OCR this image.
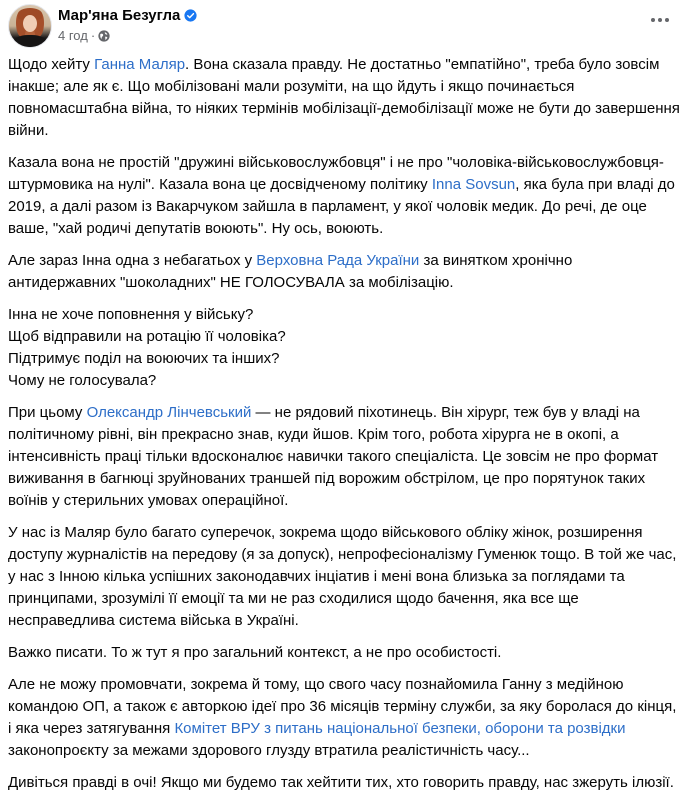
Мар'яна Безугла
4 год ·

Щодо хейту Ганна Маляр. Вона сказала правду. Не достатньо "емпатійно", треба було зовсім інакше; але як є. Що мобілізовані мали розуміти, на що йдуть і якщо починається повномасштабна війна, то ніяких термінів мобілізації-демобілізації може не бути до завершення війни.

Казала вона не простій "дружині військовослужбовця" і не про "чоловіка-військовослужбовця-штурмовика на нулі". Казала вона це досвідченому політику Inna Sovsun, яка була при владі до 2019, а далі разом із Вакарчуком зайшла в парламент, у якої чоловік медик. До речі, де оце ваше, "хай родичі депутатів воюють". Ну ось, воюють.

Але зараз Інна одна з небагатьох у Верховна Рада України за винятком хронічно антидержавних "шоколадних" НЕ ГОЛОСУВАЛА за мобілізацію.

Інна не хоче поповнення у війську?
Щоб відправили на ротацію її чоловіка?
Підтримує поділ на воюючих та інших?
Чому не голосувала?

При цьому Олександр Лінчевський — не рядовий піхотинець. Він хірург, теж був у владі на політичному рівні, він прекрасно знав, куди йшов. Крім того, робота хірурга не в окопі, а інтенсивність праці тільки вдосконалює навички такого спеціаліста. Це зовсім не про формат виживання в багнюці зруйнованих траншей під ворожим обстрілом, це про порятунок таких воїнів у стерильних умовах операційної.

У нас із Маляр було багато суперечок, зокрема щодо військового обліку жінок, розширення доступу журналістів на передову (я за допуск), непрофесіоналізму Гуменюк тощо. В той же час, у нас з Інною кілька успішних законодавчих інціатив і мені вона близька за поглядами та принципами, зрозумілі її емоції та ми не раз сходилися щодо бачення, яка все ще несправедлива система війська в Україні.

Важко писати. То ж тут я про загальний контекст, а не про особистості.

Але не можу промовчати, зокрема й тому, що свого часу познайомила Ганну з медійною командою ОП, а також є авторкою ідеї про 36 місяців терміну служби, за яку боролася до кінця, і яка через затягування Комітет ВРУ з питань національної безпеки, оборони та розвідки законопроєкту за межами здорового глузду втратила реалістичність часу...

Дивіться правді в очі! Якщо ми будемо так хейтити тих, хто говорить правду, нас зжеруть ілюзії.
